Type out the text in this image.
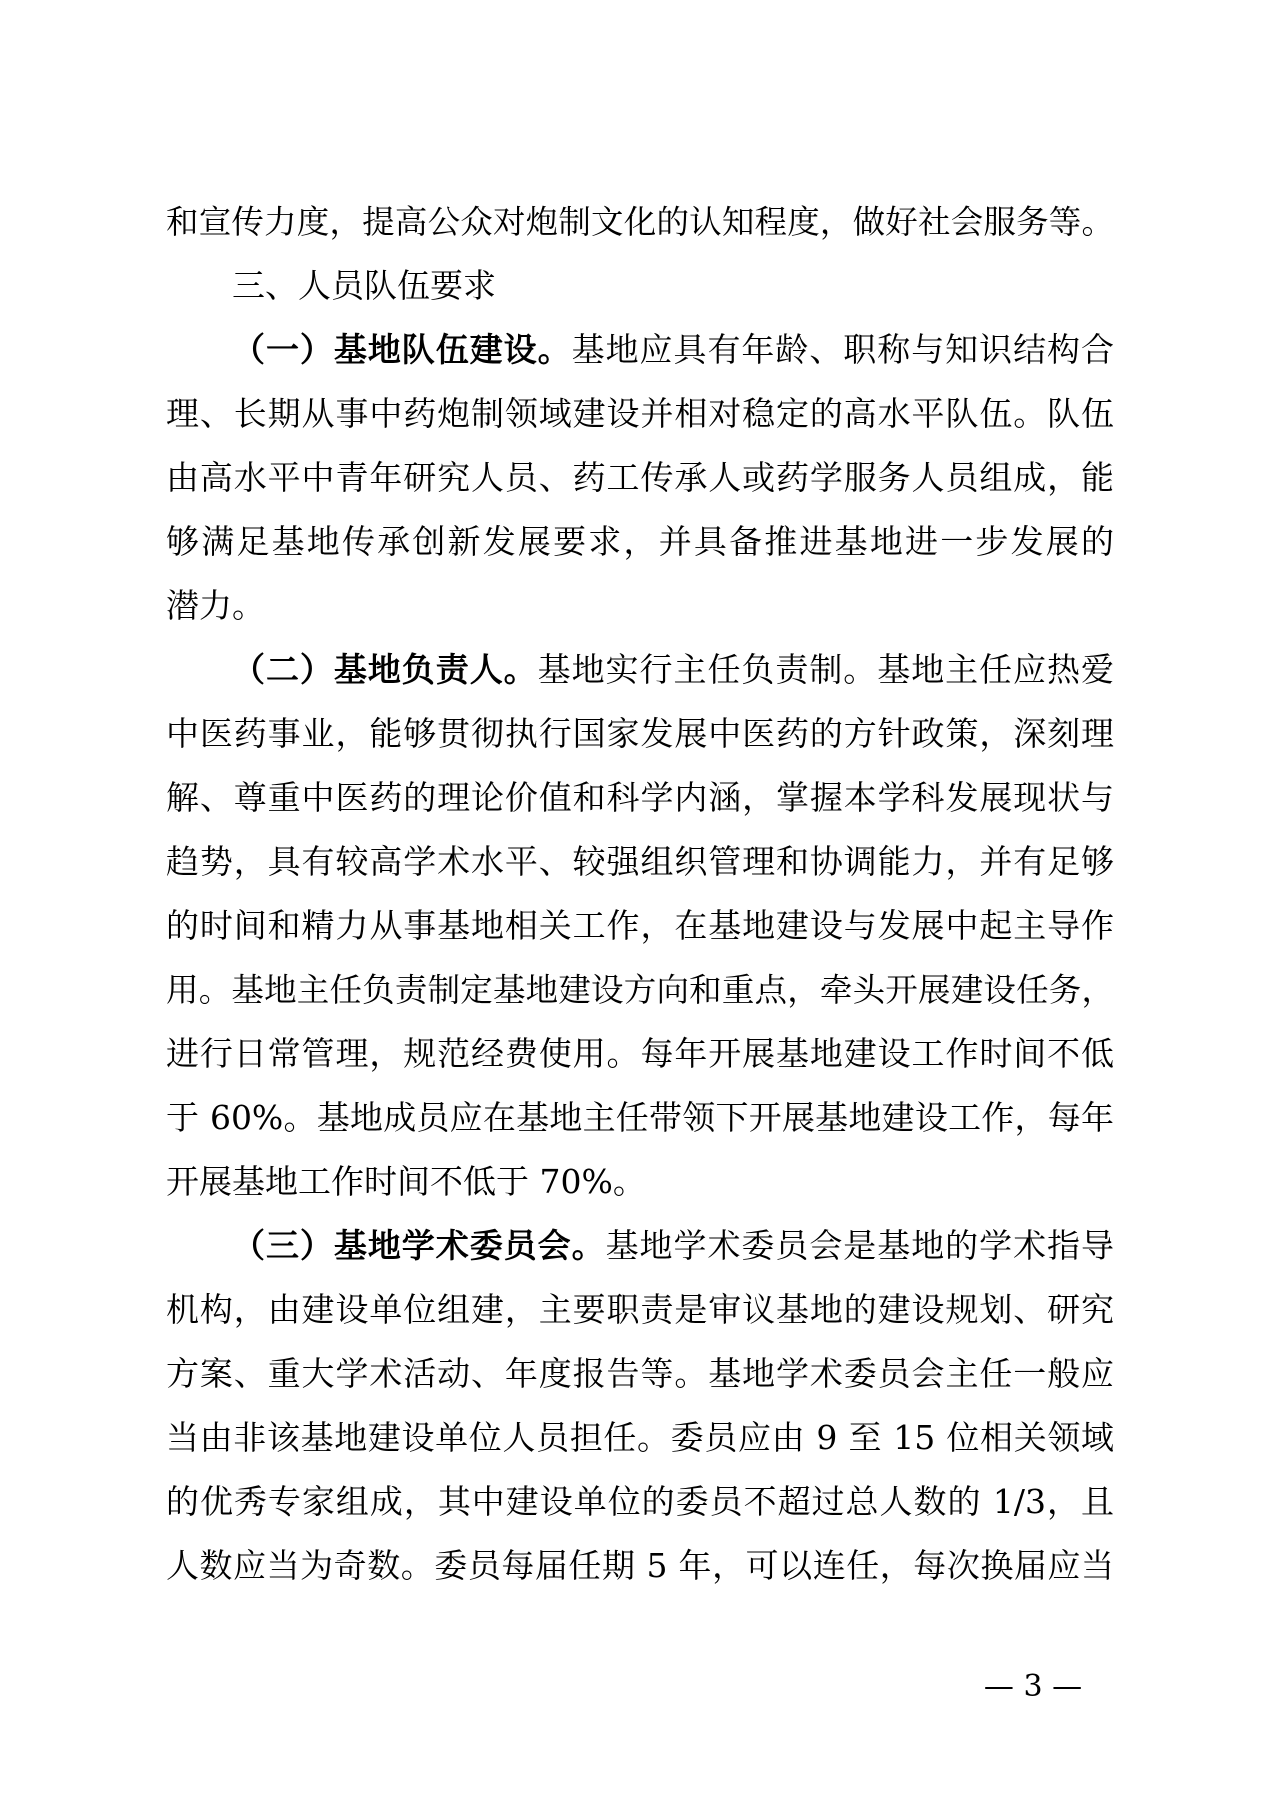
和宣传力度，提高公众对炮制文化的认知程度，做好社会服务等。
三、人员队伍要求
（一）基地队伍建设。基地应具有年龄、职称与知识结构合
理、长期从事中药炮制领域建设并相对稳定的高水平队伍。队伍
由高水平中青年研究人员、药工传承人或药学服务人员组成，能
够满足基地传承创新发展要求，并具备推进基地进一步发展的
潜力。
（二）基地负责人。基地实行主任负责制。基地主任应热爱
中医药事业，能够贯彻执行国家发展中医药的方针政策，深刻理
解、尊重中医药的理论价值和科学内涵，掌握本学科发展现状与
趋势，具有较高学术水平、较强组织管理和协调能力，并有足够
的时间和精力从事基地相关工作，在基地建设与发展中起主导作
用。基地主任负责制定基地建设方向和重点，牵头开展建设任务，
进行日常管理，规范经费使用。每年开展基地建设工作时间不低
于 60%。基地成员应在基地主任带领下开展基地建设工作，每年
开展基地工作时间不低于 70%。
（三）基地学术委员会。基地学术委员会是基地的学术指导
机构，由建设单位组建，主要职责是审议基地的建设规划、研究
方案、重大学术活动、年度报告等。基地学术委员会主任一般应
当由非该基地建设单位人员担任。委员应由 9 至 15 位相关领域
的优秀专家组成，其中建设单位的委员不超过总人数的 1/3，且
人数应当为奇数。委员每届任期 5 年，可以连任，每次换届应当
— 3 —
